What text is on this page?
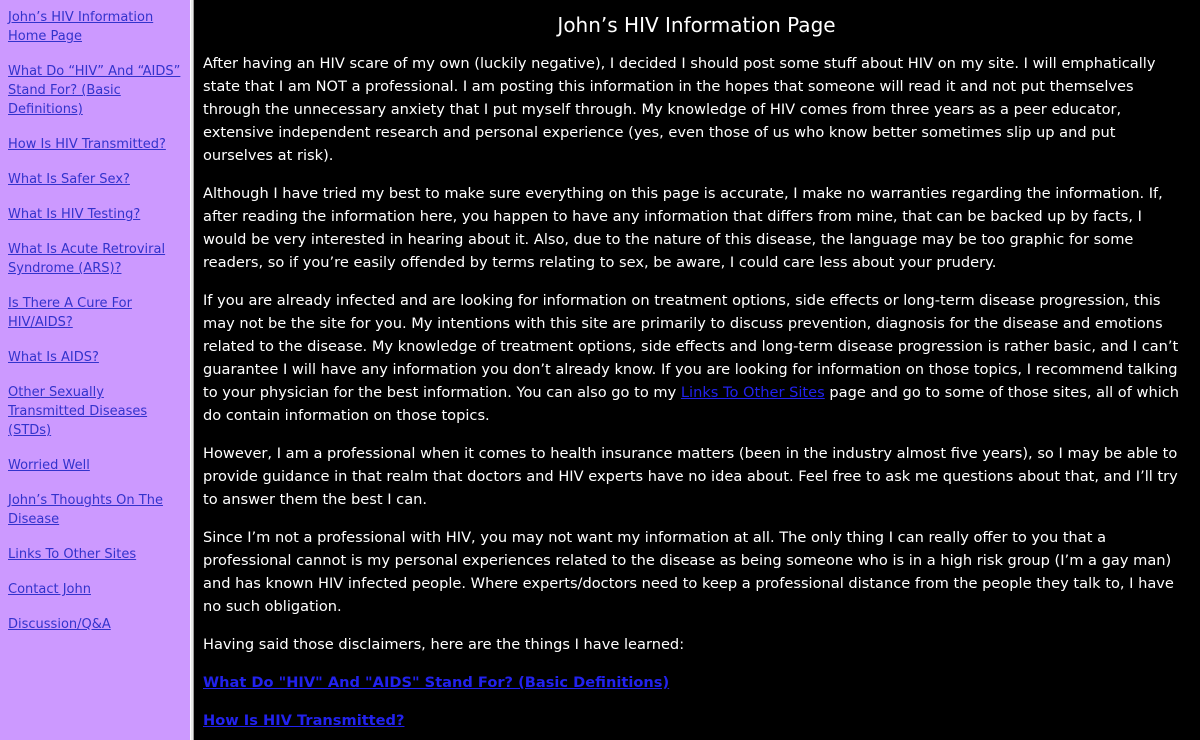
John’s HIV Information Home Page
What Do “HIV” And “AIDS” Stand For? (Basic Definitions)
How Is HIV Transmitted?
What Is Safer Sex?
What Is HIV Testing?
What Is Acute Retroviral Syndrome (ARS)?
Is There A Cure For HIV/AIDS?
What Is AIDS?
Other Sexually Transmitted Diseases (STDs)
Worried Well
John’s Thoughts On The Disease
Links To Other Sites
Contact John
Discussion/Q&A
John’s HIV Information Page

After having an HIV scare of my own (luckily negative), I decided I should post some stuff about HIV on my site. I will emphatically state that I am NOT a professional. I am posting this information in the hopes that someone will read it and not put themselves through the unnecessary anxiety that I put myself through. My knowledge of HIV comes from three years as a peer educator, extensive independent research and personal experience (yes, even those of us who know better sometimes slip up and put ourselves at risk).

Although I have tried my best to make sure everything on this page is accurate, I make no warranties regarding the information. If, after reading the information here, you happen to have any information that differs from mine, that can be backed up by facts, I would be very interested in hearing about it. Also, due to the nature of this disease, the language may be too graphic for some readers, so if you’re easily offended by terms relating to sex, be aware, I could care less about your prudery.

If you are already infected and are looking for information on treatment options, side effects or long-term disease progression, this may not be the site for you. My intentions with this site are primarily to discuss prevention, diagnosis for the disease and emotions related to the disease. My knowledge of treatment options, side effects and long-term disease progression is rather basic, and I can’t guarantee I will have any information you don’t already know. If you are looking for information on those topics, I recommend talking to your physician for the best information. You can also go to my Links To Other Sites page and go to some of those sites, all of which do contain information on those topics.

However, I am a professional when it comes to health insurance matters (been in the industry almost five years), so I may be able to provide guidance in that realm that doctors and HIV experts have no idea about. Feel free to ask me questions about that, and I’ll try to answer them the best I can.

Since I’m not a professional with HIV, you may not want my information at all. The only thing I can really offer to you that a professional cannot is my personal experiences related to the disease as being someone who is in a high risk group (I’m a gay man) and has known HIV infected people. Where experts/doctors need to keep a professional distance from the people they talk to, I have no such obligation.

Having said those disclaimers, here are the things I have learned:

What Do "HIV" And "AIDS" Stand For? (Basic Definitions)

How Is HIV Transmitted?
